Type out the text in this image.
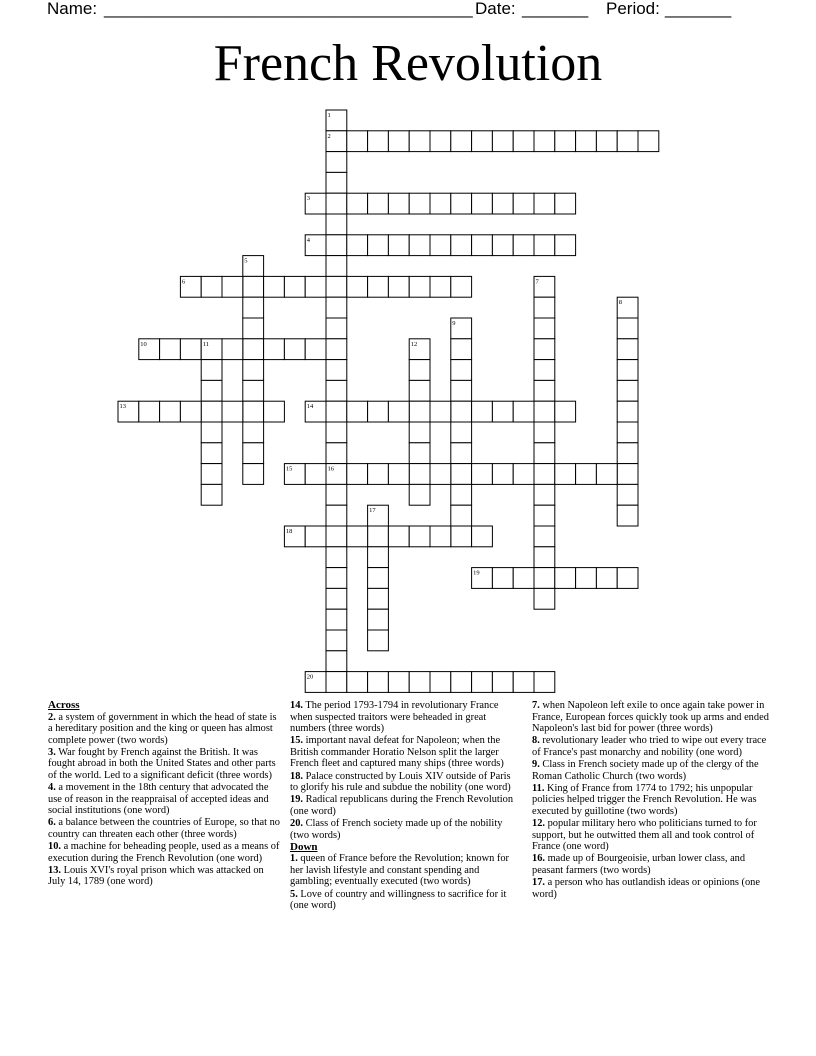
Name: _______________________________________ Date: _______ Period: _______
French Revolution
1
2
3
4
5
6	7
8
9
10	11	12
13	14
15	16
17
18
19
20
Across

2. a system of government in which the head of state is a hereditary position and the king or queen has almost complete power (two words)

3. War fought by French against the British. It was fought abroad in both the United States and other parts of the world. Led to a significant deficit (three words)

4. a movement in the 18th century that advocated the use of reason in the reappraisal of accepted ideas and social institutions (one word)

6. a balance between the countries of Europe, so that no country can threaten each other (three words)

10. a machine for beheading people, used as a means of execution during the French Revolution (one word)

13. Louis XVI's royal prison which was attacked on July 14, 1789 (one word)

14. The period 1793-1794 in revolutionary France when suspected traitors were beheaded in great numbers (three words)

15. important naval defeat for Napoleon; when the British commander Horatio Nelson split the larger French fleet and captured many ships (three words)

18. Palace constructed by Louis XIV outside of Paris to glorify his rule and subdue the nobility (one word)

19. Radical republicans during the French Revolution (one word)

20. Class of French society made up of the nobility (two words)

Down

1. queen of France before the Revolution; known for her lavish lifestyle and constant spending and gambling; eventually executed (two words)

5. Love of country and willingness to sacrifice for it (one word)

7. when Napoleon left exile to once again take power in France, European forces quickly took up arms and ended Napoleon's last bid for power (three words)

8. revolutionary leader who tried to wipe out every trace of France's past monarchy and nobility (one word)

9. Class in French society made up of the clergy of the Roman Catholic Church (two words)

11. King of France from 1774 to 1792; his unpopular policies helped trigger the French Revolution. He was executed by guillotine (two words)

12. popular military hero who politicians turned to for support, but he outwitted them all and took control of France (one word)

16. made up of Bourgeoisie, urban lower class, and peasant farmers (two words)

17. a person who has outlandish ideas or opinions (one word)
